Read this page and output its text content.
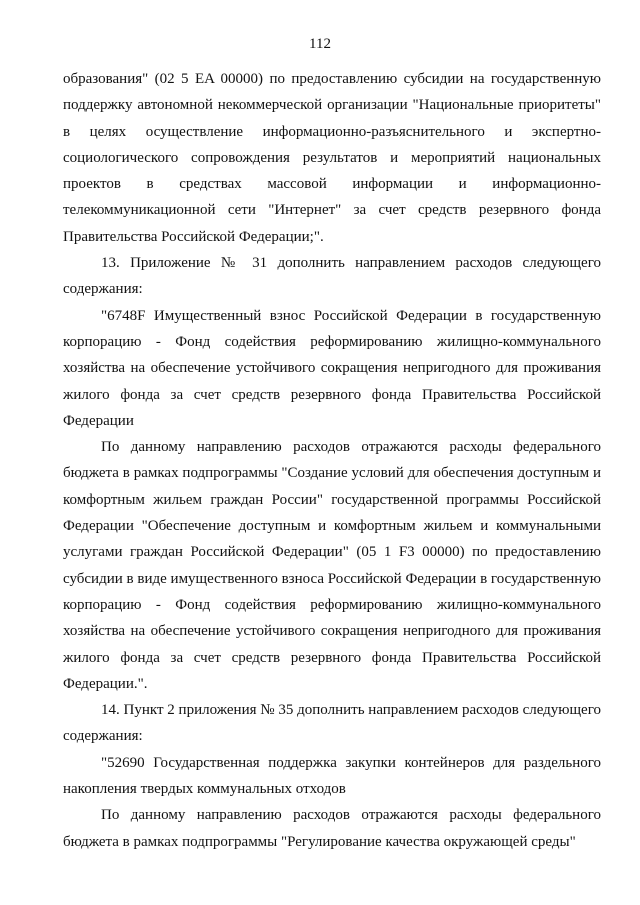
112

образования" (02 5 EA 00000) по предоставлению субсидии на государственную поддержку автономной некоммерческой организации "Национальные приоритеты" в целях осуществление информационно-разъяснительного и экспертно-социологического сопровождения результатов и мероприятий национальных проектов в средствах массовой информации и информационно-телекоммуникационной сети "Интернет" за счет средств резервного фонда Правительства Российской Федерации;".

13. Приложение № 31 дополнить направлением расходов следующего содержания:

"6748F Имущественный взнос Российской Федерации в государственную корпорацию - Фонд содействия реформированию жилищно-коммунального хозяйства на обеспечение устойчивого сокращения непригодного для проживания жилого фонда за счет средств резервного фонда Правительства Российской Федерации

По данному направлению расходов отражаются расходы федерального бюджета в рамках подпрограммы "Создание условий для обеспечения доступным и комфортным жильем граждан России" государственной программы Российской Федерации "Обеспечение доступным и комфортным жильем и коммунальными услугами граждан Российской Федерации" (05 1 F3 00000) по предоставлению субсидии в виде имущественного взноса Российской Федерации в государственную корпорацию - Фонд содействия реформированию жилищно-коммунального хозяйства на обеспечение устойчивого сокращения непригодного для проживания жилого фонда за счет средств резервного фонда Правительства Российской Федерации.".

14. Пункт 2 приложения № 35 дополнить направлением расходов следующего содержания:

"52690 Государственная поддержка закупки контейнеров для раздельного накопления твердых коммунальных отходов

По данному направлению расходов отражаются расходы федерального бюджета в рамках подпрограммы "Регулирование качества окружающей среды"
